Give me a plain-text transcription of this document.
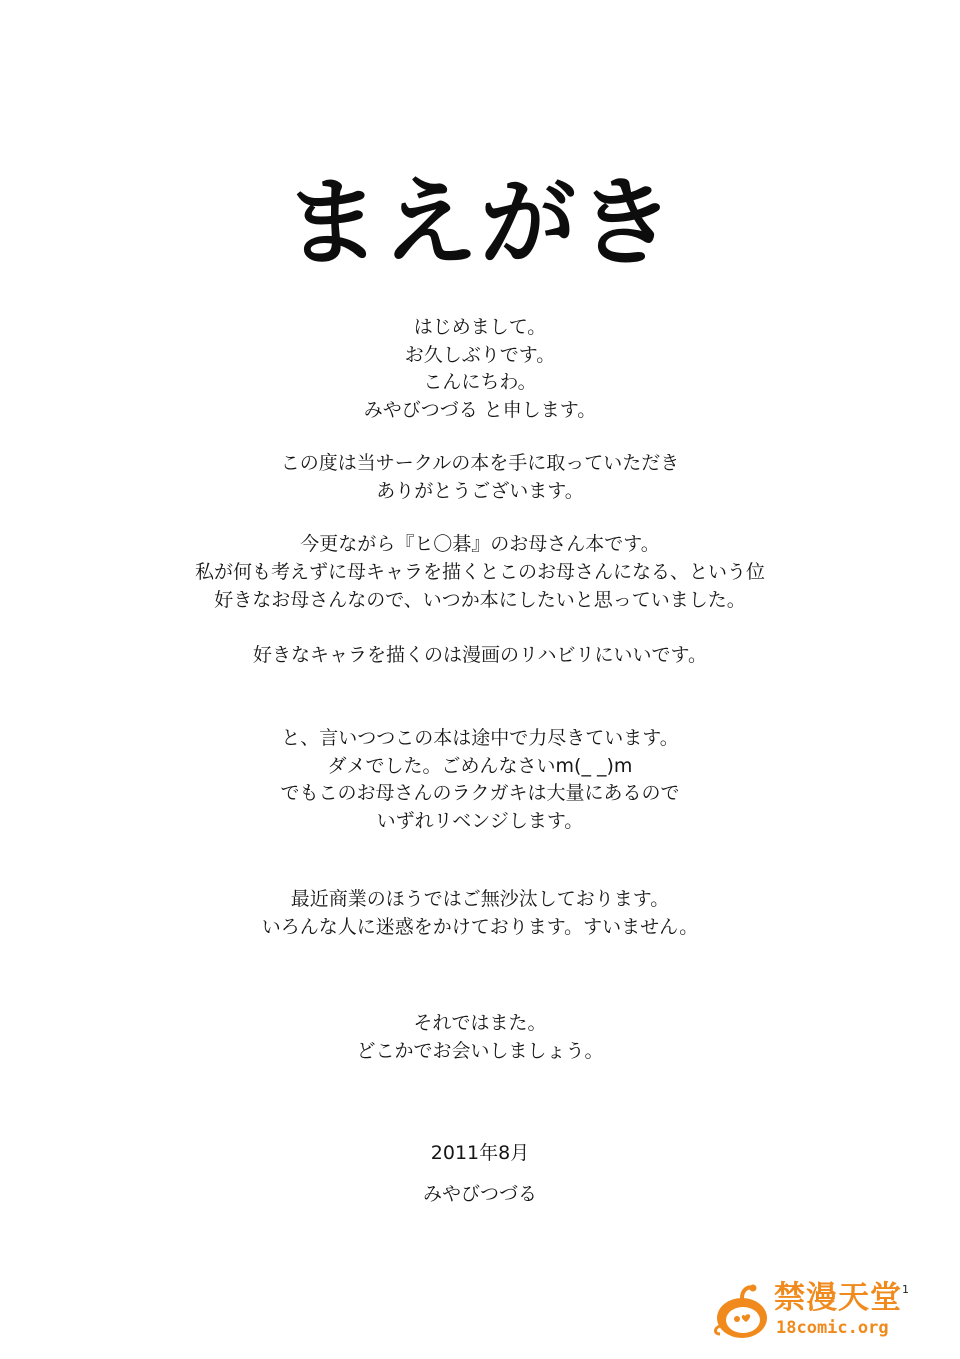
まえがき
はじめまして。
お久しぶりです。
こんにちわ。
みやびつづる と申します。
この度は当サークルの本を手に取っていただき
ありがとうございます。
今更ながら『ヒ〇碁』のお母さん本です。
私が何も考えずに母キャラを描くとこのお母さんになる、という位
好きなお母さんなので、いつか本にしたいと思っていました。
好きなキャラを描くのは漫画のリハビリにいいです。
と、言いつつこの本は途中で力尽きています。
ダメでした。ごめんなさいm(_ _)m
でもこのお母さんのラクガキは大量にあるので
いずれリベンジします。
最近商業のほうではご無沙汰しております。
いろんな人に迷惑をかけております。すいません。
それではまた。
どこかでお会いしましょう。
2011年8月
みやびつづる
1
禁漫天堂
18comic.org
